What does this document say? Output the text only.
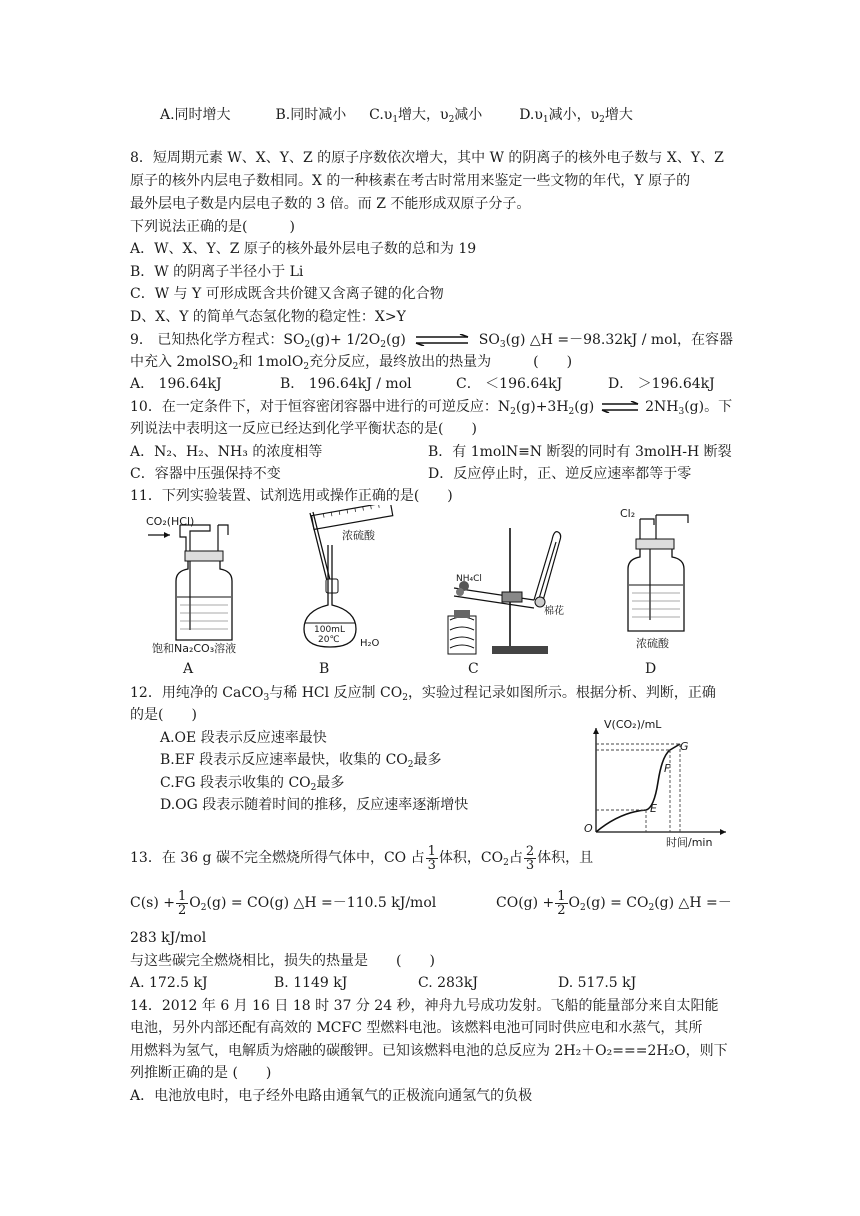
A.同时增大	B.同时减小 $C.\upsilon_1$增大，$\upsilon_2$减小	$D.\upsilon_1$减小，$\upsilon_2$增大
8．短周期元素 W、X、Y、Z 的原子序数依次增大，其中 W 的阴离子的核外电子数与 X、Y、Z
原子的核外内层电子数相同。X 的一种核素在考古时常用来鉴定一些文物的年代，Y 原子的
最外层电子数是内层电子数的 3 倍。而 Z 不能形成双原子分子。
下列说法正确的是(　　　)
A．W、X、Y、Z 原子的核外最外层电子数的总和为 19
B．W 的阴离子半径小于 Li
C．W 与 Y 可形成既含共价键又含离子键的化合物
D、X、Y 的简单气态氢化物的稳定性：X>Y
9． 已知热化学方程式：$SO_2(g)+ 1/2O_2(g)$ ⇌ $SO_3(g)$ △H =－98.32kJ / mol，在容器
中充入 2molSO$_2$和 1molO$_2$充分反应，最终放出的热量为　　　(　　)
A． 196.64kJ	B． 196.64kJ / mol	C． ＜196.64kJ	D． ＞196.64kJ
10．在一定条件下，对于恒容密闭容器中进行的可逆反应：$N_2(g)+3H_2(g)$ ⇌ $2NH_3(g)$。下
列说法中表明这一反应已经达到化学平衡状态的是(　　)
A．N₂、H₂、NH₃ 的浓度相等	B．有 1molN≡N 断裂的同时有 3molH-H 断裂
C．容器中压强保持不变	D．反应停止时，正、逆反应速率都等于零
11．下列实验装置、试剂选用或操作正确的是(　　)
CO₂(HCl)
饱和Na₂CO₃溶液
A
浓硫酸
100mL
20℃ H₂O
B
NH₄Cl
棉花
C
Cl₂
浓硫酸
D
12．用纯净的 CaCO$_3$与稀 HCl 反应制 $CO_2$，实验过程记录如图所示。根据分析、判断，正确
的是(　　)
A.OE 段表示反应速率最快
B.EF 段表示反应速率最快，收集的 $CO_2$最多
C.FG 段表示收集的 $CO_2$最多
D.OG 段表示随着时间的推移，反应速率逐渐增快
V(CO₂)/mL
时间/min
O
E
F
G
13．在 36 g 碳不完全燃烧所得气体中，CO 占 $\frac{1}{3}$ 体积，$CO_2$占 $\frac{2}{3}$ 体积，且
$C(s) + \frac{1}{2} O_2(g) = CO(g)$ △H =－110.5 kJ/mol	$CO(g) + \frac{1}{2} O_2(g) = CO_2(g)$ △H =－
283 kJ/mol
与这些碳完全燃烧相比，损失的热量是　　(　　)
A. 172.5 kJ	B. 1149 kJ	C. 283kJ	D. 517.5 kJ
14．2012 年 6 月 16 日 18 时 37 分 24 秒，神舟九号成功发射。飞船的能量部分来自太阳能
电池，另外内部还配有高效的 MCFC 型燃料电池。该燃料电池可同时供应电和水蒸气，其所
用燃料为氢气，电解质为熔融的碳酸钾。已知该燃料电池的总反应为 2H₂＋O₂===2H₂O，则下
列推断正确的是 (　　)
A．电池放电时，电子经外电路由通氧气的正极流向通氢气的负极
